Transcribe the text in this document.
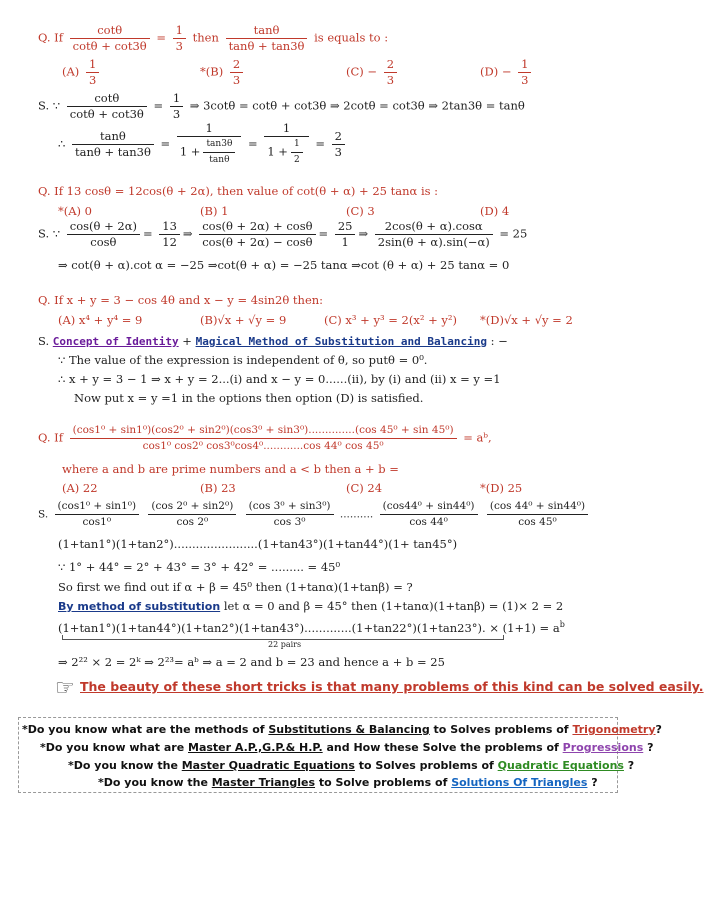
Q. If $\frac{\cot\theta}{\cot\theta + \cot 3\theta} = \frac{1}{3}$ then $\frac{\tan\theta}{\tan\theta + \tan 3\theta}$ is equals to :
$(A) \frac{1}{3}$	$*(B) \frac{2}{3}$	$(C) - \frac{2}{3}$	$(D) - \frac{1}{3}$
S. ∵ $\frac{\cot\theta}{\cot\theta + \cot 3\theta} = \frac{1}{3}$ ⇒ 3cotθ = cotθ + cot3θ ⇒ 2cotθ = cot3θ ⇒ 2tan3θ = tanθ
∴ $\frac{\tan\theta}{\tan\theta + \tan 3\theta} = \frac{1}{1 + \frac{\tan 3\theta}{\tan\theta}} = \frac{1}{1 + \frac{1}{2}} = \frac{2}{3}$
Q. If 13 cosθ = 12cos(θ + 2α), then value of cot(θ + α) + 25 tanα is :
*(A) 0	(B) 1	(C) 3	(D) 4
S. ∵ $\frac{\cos(\theta + 2\alpha)}{\cos\theta} = \frac{13}{12}$ ⇒ $\frac{\cos(\theta + 2\alpha) + \cos\theta}{\cos(\theta + 2\alpha) - \cos\theta} = \frac{25}{1}$ ⇒ $\frac{2\cos(\theta + \alpha).\cos\alpha}{2\sin(\theta + \alpha).\sin(-\alpha)} = 25$
⇒ cot(θ + α).cot α = −25 ⇒cot(θ + α) = −25 tanα ⇒cot (θ + α) + 25 tanα = 0
Q. If x + y = 3 − cos 4θ and x − y = 4sin2θ then:
(A) x⁴ + y⁴ = 9	(B)√x + √y = 9	(C) x³ + y³ = 2(x² + y²) *(D)√x + √y = 2
S. Concept of Identity + Magical Method of Substitution and Balancing : −
∵ The value of the expression is independent of θ, so putθ = 0⁰.
∴ x + y = 3 − 1 ⇒ x + y = 2...(i) and x − y = 0......(ii), by (i) and (ii) x = y =1
Now put x = y =1 in the options then option (D) is satisfied.
Q. If
(cos1⁰ + sin1⁰)(cos2⁰ + sin2⁰)(cos3⁰ + sin3⁰)..............(cos 45⁰ + sin 45⁰)
cos1⁰ cos2⁰ cos3⁰cos4⁰............cos 44⁰ cos 45⁰
= aᵇ,
where a and b are prime numbers and a < b then a + b =
(A) 22	(B) 23	(C) 24	*(D) 25
S. $\frac{\text{(cos1⁰ + sin1⁰)}}{\text{cos1⁰}}$
$\frac{\text{(cos 2⁰ + sin2⁰)}}{\text{cos 2⁰}}$
$\frac{\text{(cos 3⁰ + sin3⁰)}}{\text{cos 3⁰}}$ .......... $\frac{\text{(cos44⁰ + sin44⁰)}}{\text{cos 44⁰}}$
$\frac{\text{(cos 44⁰ + sin44⁰)}}{\text{cos 45⁰}}$
(1+tan1°)(1+tan2°).......................(1+tan43°)(1+tan44°)(1+ tan45°)
∵ 1° + 44° = 2° + 43° = 3° + 42° = ......... = 45⁰
So first we find out if α + β = 45⁰ then (1+tanα)(1+tanβ) = ?
By method of substitution let α = 0 and β = 45° then (1+tanα)(1+tanβ) = (1)× 2 = 2
(1+tan1°)(1+tan44°)(1+tan2°)(1+tan43°).............(1+tan22°)(1+tan23°). × $(1+1) = a^b$
22 pairs
⇒ 2²² × 2 = 2ᵏ ⇒ 2²³= aᵇ ⇒ a = 2 and b = 23 and hence a + b = 25
☞ The beauty of these short tricks is that many problems of this kind can be solved easily.
*Do you know what are the methods of Substitutions & Balancing to Solves problems of Trigonometry?
*Do you know what are Master A.P.,G.P.& H.P. and How these Solve the problems of Progressions ?
*Do you know the Master Quadratic Equations to Solves problems of Quadratic Equations ?
*Do you know the Master Triangles to Solve problems of Solutions Of Triangles ?
